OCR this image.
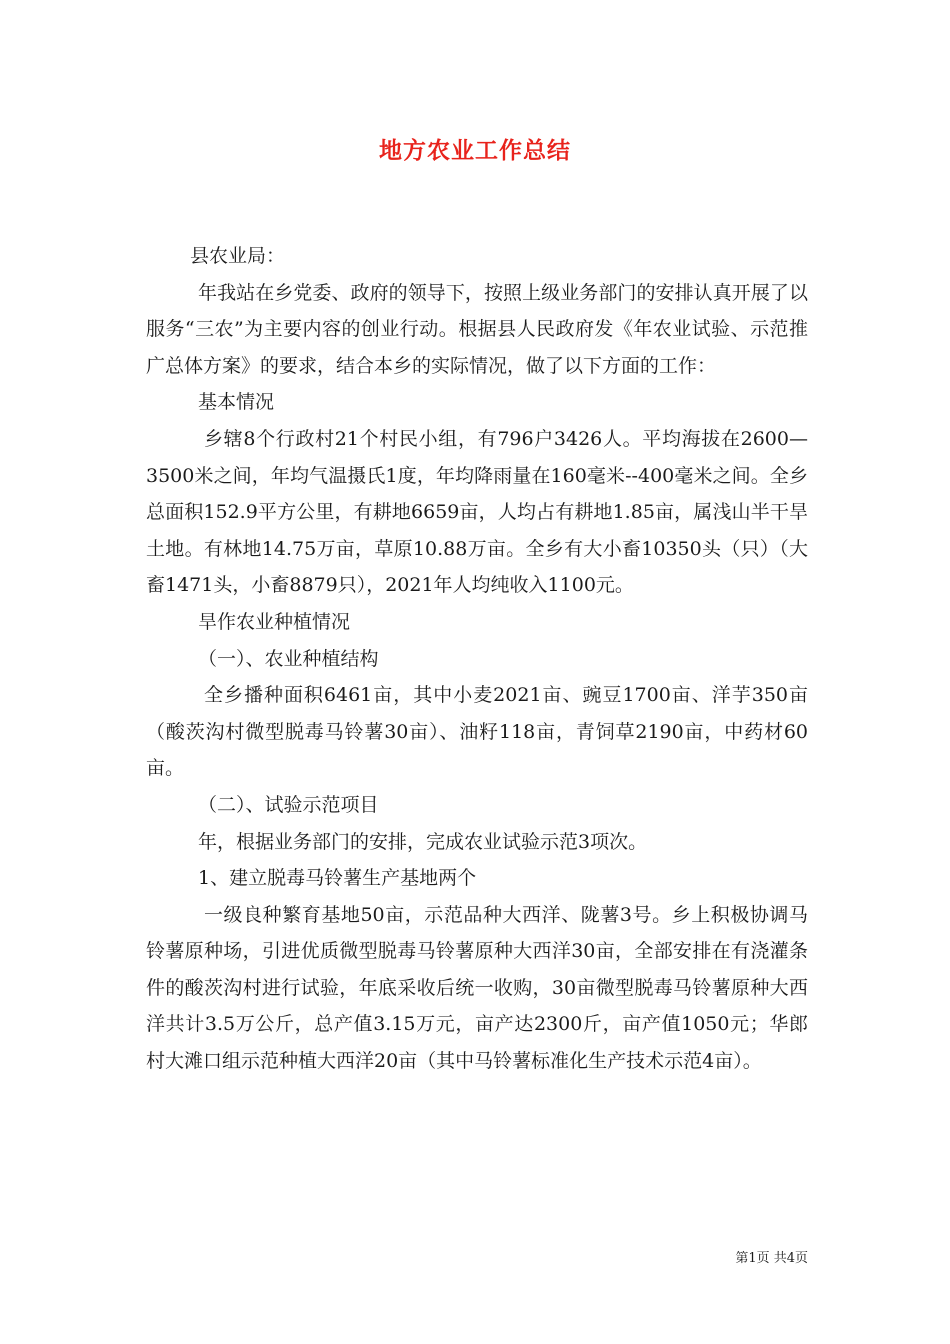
地方农业工作总结

县农业局：

年我站在乡党委、政府的领导下，按照上级业务部门的安排认真开展了以服务“三农”为主要内容的创业行动。根据县人民政府发《年农业试验、示范推广总体方案》的要求，结合本乡的实际情况，做了以下方面的工作：

基本情况

乡辖8个行政村21个村民小组，有796户3426人。平均海拔在2600—3500米之间，年均气温摄氏1度，年均降雨量在160毫米--400毫米之间。全乡总面积152.9平方公里，有耕地6659亩，人均占有耕地1.85亩，属浅山半干旱土地。有林地14.75万亩，草原10.88万亩。全乡有大小畜10350头（只）（大畜1471头，小畜8879只），2021年人均纯收入1100元。

旱作农业种植情况

（一）、农业种植结构

全乡播种面积6461亩，其中小麦2021亩、豌豆1700亩、洋芋350亩（酸茨沟村微型脱毒马铃薯30亩）、油籽118亩，青饲草2190亩，中药材60亩。

（二）、试验示范项目

年，根据业务部门的安排，完成农业试验示范3项次。

1、建立脱毒马铃薯生产基地两个

一级良种繁育基地50亩，示范品种大西洋、陇薯3号。乡上积极协调马铃薯原种场，引进优质微型脱毒马铃薯原种大西洋30亩，全部安排在有浇灌条件的酸茨沟村进行试验，年底采收后统一收购，30亩微型脱毒马铃薯原种大西洋共计3.5万公斤，总产值3.15万元，亩产达2300斤，亩产值1050元；华郎村大滩口组示范种植大西洋20亩（其中马铃薯标准化生产技术示范4亩）。

第1页 共4页
